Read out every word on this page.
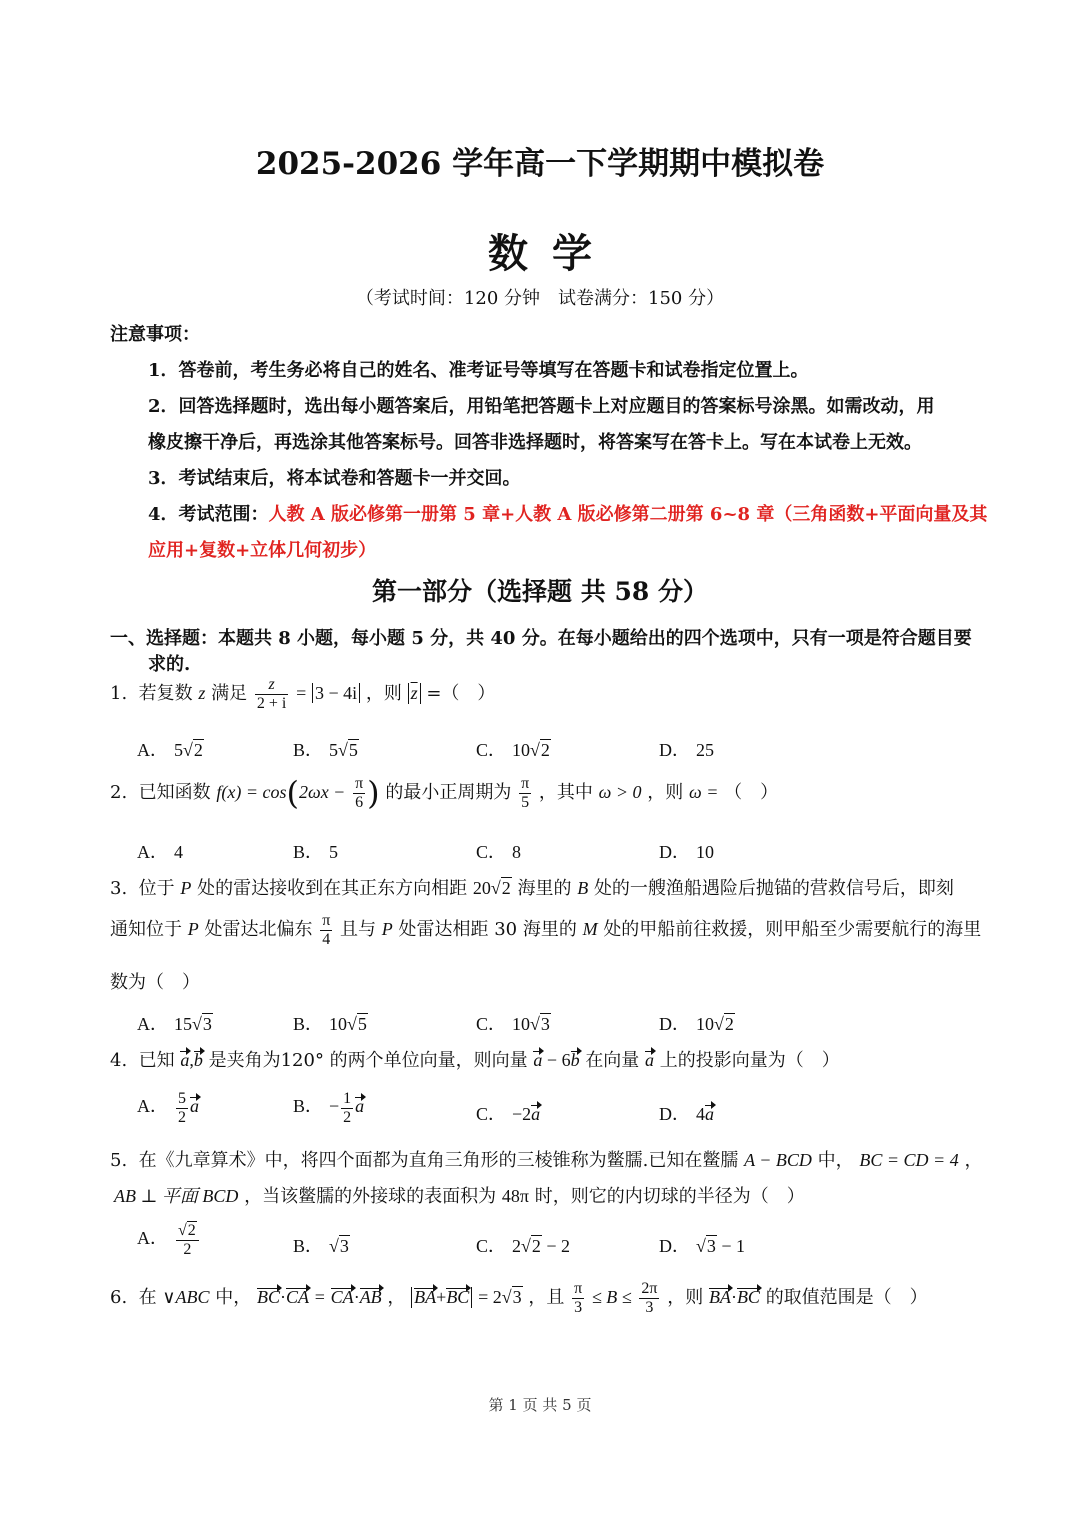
2025-2026 学年高一下学期期中模拟卷
数学
（考试时间：120 分钟　试卷满分：150 分）
注意事项：
1．答卷前，考生务必将自己的姓名、准考证号等填写在答题卡和试卷指定位置上。
2．回答选择题时，选出每小题答案后，用铅笔把答题卡上对应题目的答案标号涂黑。如需改动，用
橡皮擦干净后，再选涂其他答案标号。回答非选择题时，将答案写在答卡上。写在本试卷上无效。
3．考试结束后，将本试卷和答题卡一并交回。
4．考试范围：人教 A 版必修第一册第 5 章+人教 A 版必修第二册第 6~8 章（三角函数+平面向量及其
应用+复数+立体几何初步）
第一部分（选择题 共 58 分）
一、选择题：本题共 8 小题，每小题 5 分，共 40 分。在每小题给出的四个选项中，只有一项是符合题目要
求的.
1. 若复数 z 满足 $\frac{z}{2 + i} = 3 - 4i$ ，则 $\overline{z}$ =（　）
A． 5√2	B． 5√5	C． 10√2	D． 25
2. 已知函数 $f(x) = \cos(2\omega x - \frac{\pi}{6}$ ) 的最小正周期为 $\frac{\pi}{5}$ ，其中 ω > 0 ，则 ω = （　）
A． 4	B． 5	C． 8	D． 10
3. 位于 P 处的雷达接收到在其正东方向相距 20√2 海里的 B 处的一艘渔船遇险后抛锚的营救信号后，即刻
通知位于 P 处雷达北偏东 $\frac{\pi}{4}$ 且与 P 处雷达相距 30 海里的 M 处的甲船前往救援，则甲船至少需要航行的海里
数为（　）
A． 15√3	B． 10√5	C． 10√3	D． 10√2
4. 已知 a,b 是夹角为120° 的两个单位向量，则向量 a − 6b 在向量 a 上的投影向量为（　）
A． $\frac{5}{2}$ a	B． − $\frac{1}{2}$ a	C． −2a	D． 4a
5. 在《九章算术》中，将四个面都为直角三角形的三棱锥称为鳖臑.已知在鳖臑 A − BCD 中， BC = CD = 4 ，
AB ⊥ 平面 BCD ，当该鳖臑的外接球的表面积为 48π 时，则它的内切球的半径为（　）
A． $\frac{√2}{2}$	B． √3	C． 2√2 − 2	D． √3 − 1
6. 在 ∨ABC 中， BC·CA = CA·AB ， BA+BC = 2√3 ，且 $\frac{\pi}{3} \le B \le \frac{2\pi}{3}$ ，则 BA·BC 的取值范围是（　）
第 1 页 共 5 页
